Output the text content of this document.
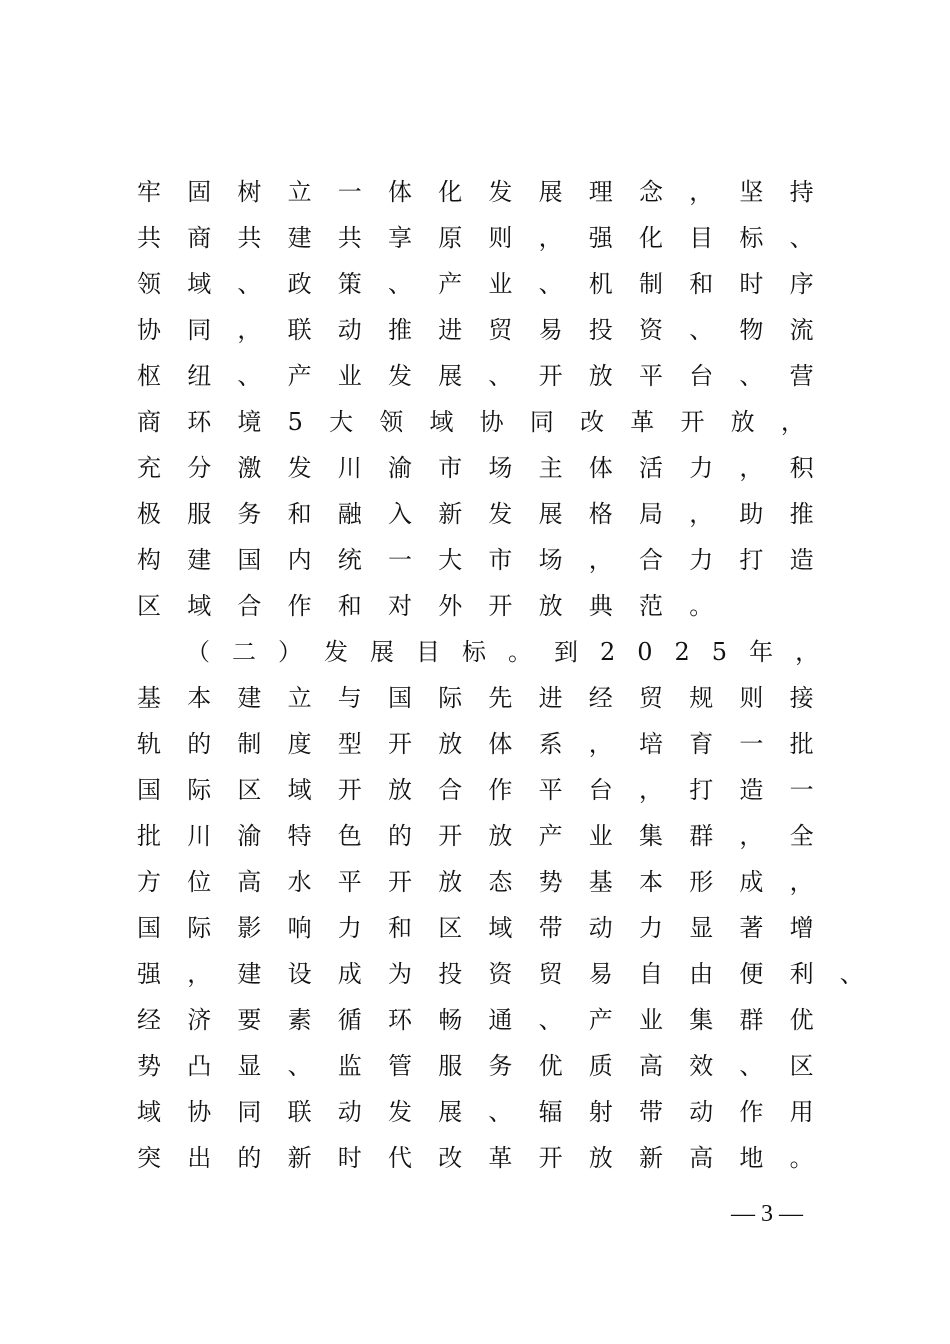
牢固树立一体化发展理念，坚持
共商共建共享原则，强化目标、
领域、政策、产业、机制和时序
协同，联动推进贸易投资、物流
枢纽、产业发展、开放平台、营
商环境5大领域协同改革开放，
充分激发川渝市场主体活力，积
极服务和融入新发展格局，助推
构建国内统一大市场，合力打造
区域合作和对外开放典范。
（二）发展目标。到2025年，
基本建立与国际先进经贸规则接
轨的制度型开放体系，培育一批
国际区域开放合作平台，打造一
批川渝特色的开放产业集群，全
方位高水平开放态势基本形成，
国际影响力和区域带动力显著增
强，建设成为投资贸易自由便利、
经济要素循环畅通、产业集群优
势凸显、监管服务优质高效、区
域协同联动发展、辐射带动作用
突出的新时代改革开放新高地。
— 3 —
